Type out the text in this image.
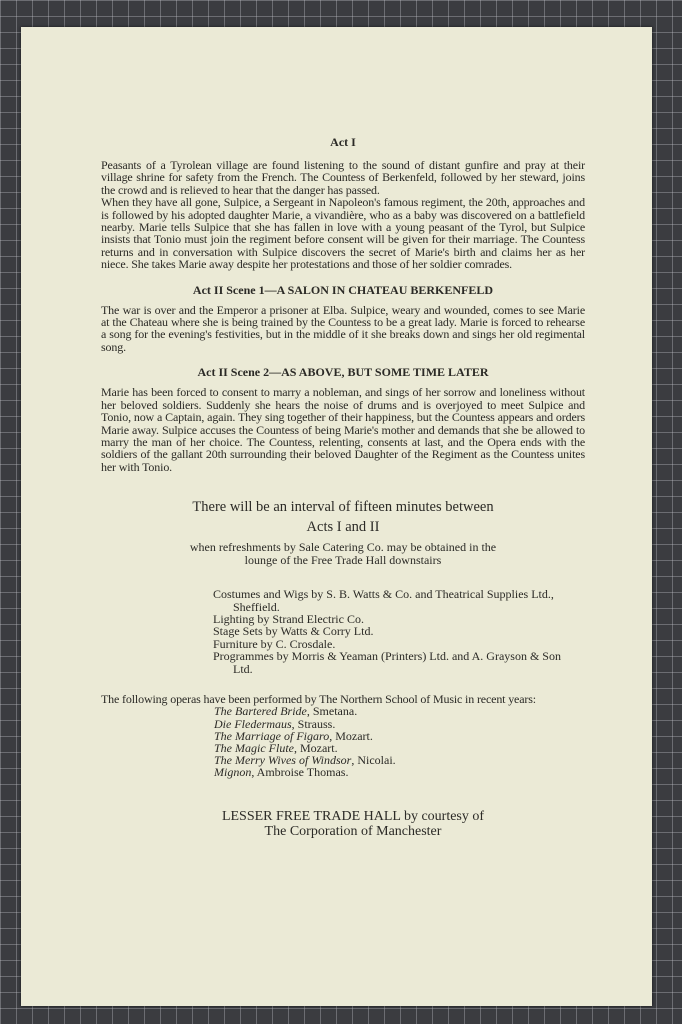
Act I

Peasants of a Tyrolean village are found listening to the sound of distant gunfire and pray at their village shrine for safety from the French. The Countess of Berkenfeld, followed by her steward, joins the crowd and is relieved to hear that the danger has passed.

When they have all gone, Sulpice, a Sergeant in Napoleon's famous regiment, the 20th, approaches and is followed by his adopted daughter Marie, a vivandière, who as a baby was discovered on a battlefield nearby. Marie tells Sulpice that she has fallen in love with a young peasant of the Tyrol, but Sulpice insists that Tonio must join the regiment before consent will be given for their marriage. The Countess returns and in conversation with Sulpice discovers the secret of Marie's birth and claims her as her niece. She takes Marie away despite her protestations and those of her soldier comrades.

Act II Scene 1—A SALON IN CHATEAU BERKENFELD

The war is over and the Emperor a prisoner at Elba. Sulpice, weary and wounded, comes to see Marie at the Chateau where she is being trained by the Countess to be a great lady. Marie is forced to rehearse a song for the evening's festivities, but in the middle of it she breaks down and sings her old regimental song.

Act II Scene 2—AS ABOVE, BUT SOME TIME LATER

Marie has been forced to consent to marry a nobleman, and sings of her sorrow and loneliness without her beloved soldiers. Suddenly she hears the noise of drums and is overjoyed to meet Sulpice and Tonio, now a Captain, again. They sing together of their happiness, but the Countess appears and orders Marie away. Sulpice accuses the Countess of being Marie's mother and demands that she be allowed to marry the man of her choice. The Countess, relenting, consents at last, and the Opera ends with the soldiers of the gallant 20th surrounding their beloved Daughter of the Regiment as the Countess unites her with Tonio.

There will be an interval of fifteen minutes between

Acts I and II

when refreshments by Sale Catering Co. may be obtained in the

lounge of the Free Trade Hall downstairs

Costumes and Wigs by S. B. Watts & Co. and Theatrical Supplies Ltd., Sheffield.

Lighting by Strand Electric Co.

Stage Sets by Watts & Corry Ltd.

Furniture by C. Crosdale.

Programmes by Morris & Yeaman (Printers) Ltd. and A. Grayson & Son Ltd.

The following operas have been performed by The Northern School of Music in recent years:

The Bartered Bride, Smetana.

Die Fledermaus, Strauss.

The Marriage of Figaro, Mozart.

The Magic Flute, Mozart.

The Merry Wives of Windsor, Nicolai.

Mignon, Ambroise Thomas.

LESSER FREE TRADE HALL by courtesy of

The Corporation of Manchester
